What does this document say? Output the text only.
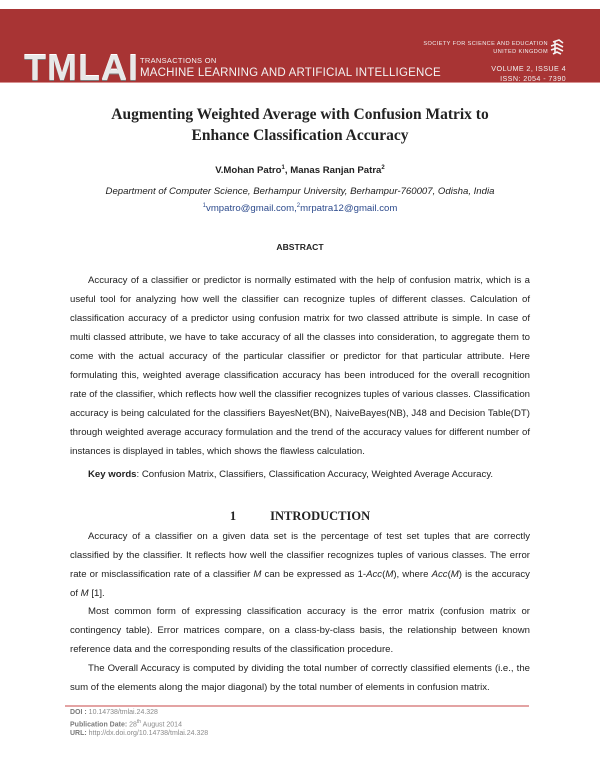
TMLAI TRANSACTIONS ON
MACHINE LEARNING AND ARTIFICIAL INTELLIGENCE
SOCIETY FOR SCIENCE AND EDUCATION
UNITED KINGDOM
VOLUME 2, ISSUE 4
ISSN: 2054 - 7390
Augmenting Weighted Average with Confusion Matrix to
Enhance Classification Accuracy
V.Mohan Patro$^1$, Manas Ranjan Patra$^2$
Department of Computer Science, Berhampur University, Berhampur-760007, Odisha, India
$^1$vmpatro@gmail.com,$^2$mrpatra12@gmail.com
ABSTRACT
Accuracy of a classifier or predictor is normally estimated with the help of confusion matrix, which is a useful tool for analyzing how well the classifier can recognize tuples of different classes. Calculation of classification accuracy of a predictor using confusion matrix for two classed attribute is simple. In case of multi classed attribute, we have to take accuracy of all the classes into consideration, to aggregate them to come with the actual accuracy of the particular classifier or predictor for that particular attribute. Here formulating this, weighted average classification accuracy has been introduced for the overall recognition rate of the classifier, which reflects how well the classifier recognizes tuples of various classes. Classification accuracy is being calculated for the classifiers BayesNet(BN), NaiveBayes(NB), J48 and Decision Table(DT) through weighted average accuracy formulation and the trend of the accuracy values for different number of instances is displayed in tables, which shows the flawless calculation.
Key words: Confusion Matrix, Classifiers, Classification Accuracy, Weighted Average Accuracy.
1	INTRODUCTION
Accuracy of a classifier on a given data set is the percentage of test set tuples that are correctly classified by the classifier. It reflects how well the classifier recognizes tuples of various classes. The error rate or misclassification rate of a classifier M can be expressed as 1-Acc(M), where Acc(M) is the accuracy of M [1].
Most common form of expressing classification accuracy is the error matrix (confusion matrix or contingency table). Error matrices compare, on a class-by-class basis, the relationship between known reference data and the corresponding results of the classification procedure.
The Overall Accuracy is computed by dividing the total number of correctly classified elements (i.e., the sum of the elements along the major diagonal) by the total number of elements in confusion matrix.
DOI : 10.14738/tmlai.24.328
Publication Date: 28th August 2014
URL: http://dx.doi.org/10.14738/tmlai.24.328
